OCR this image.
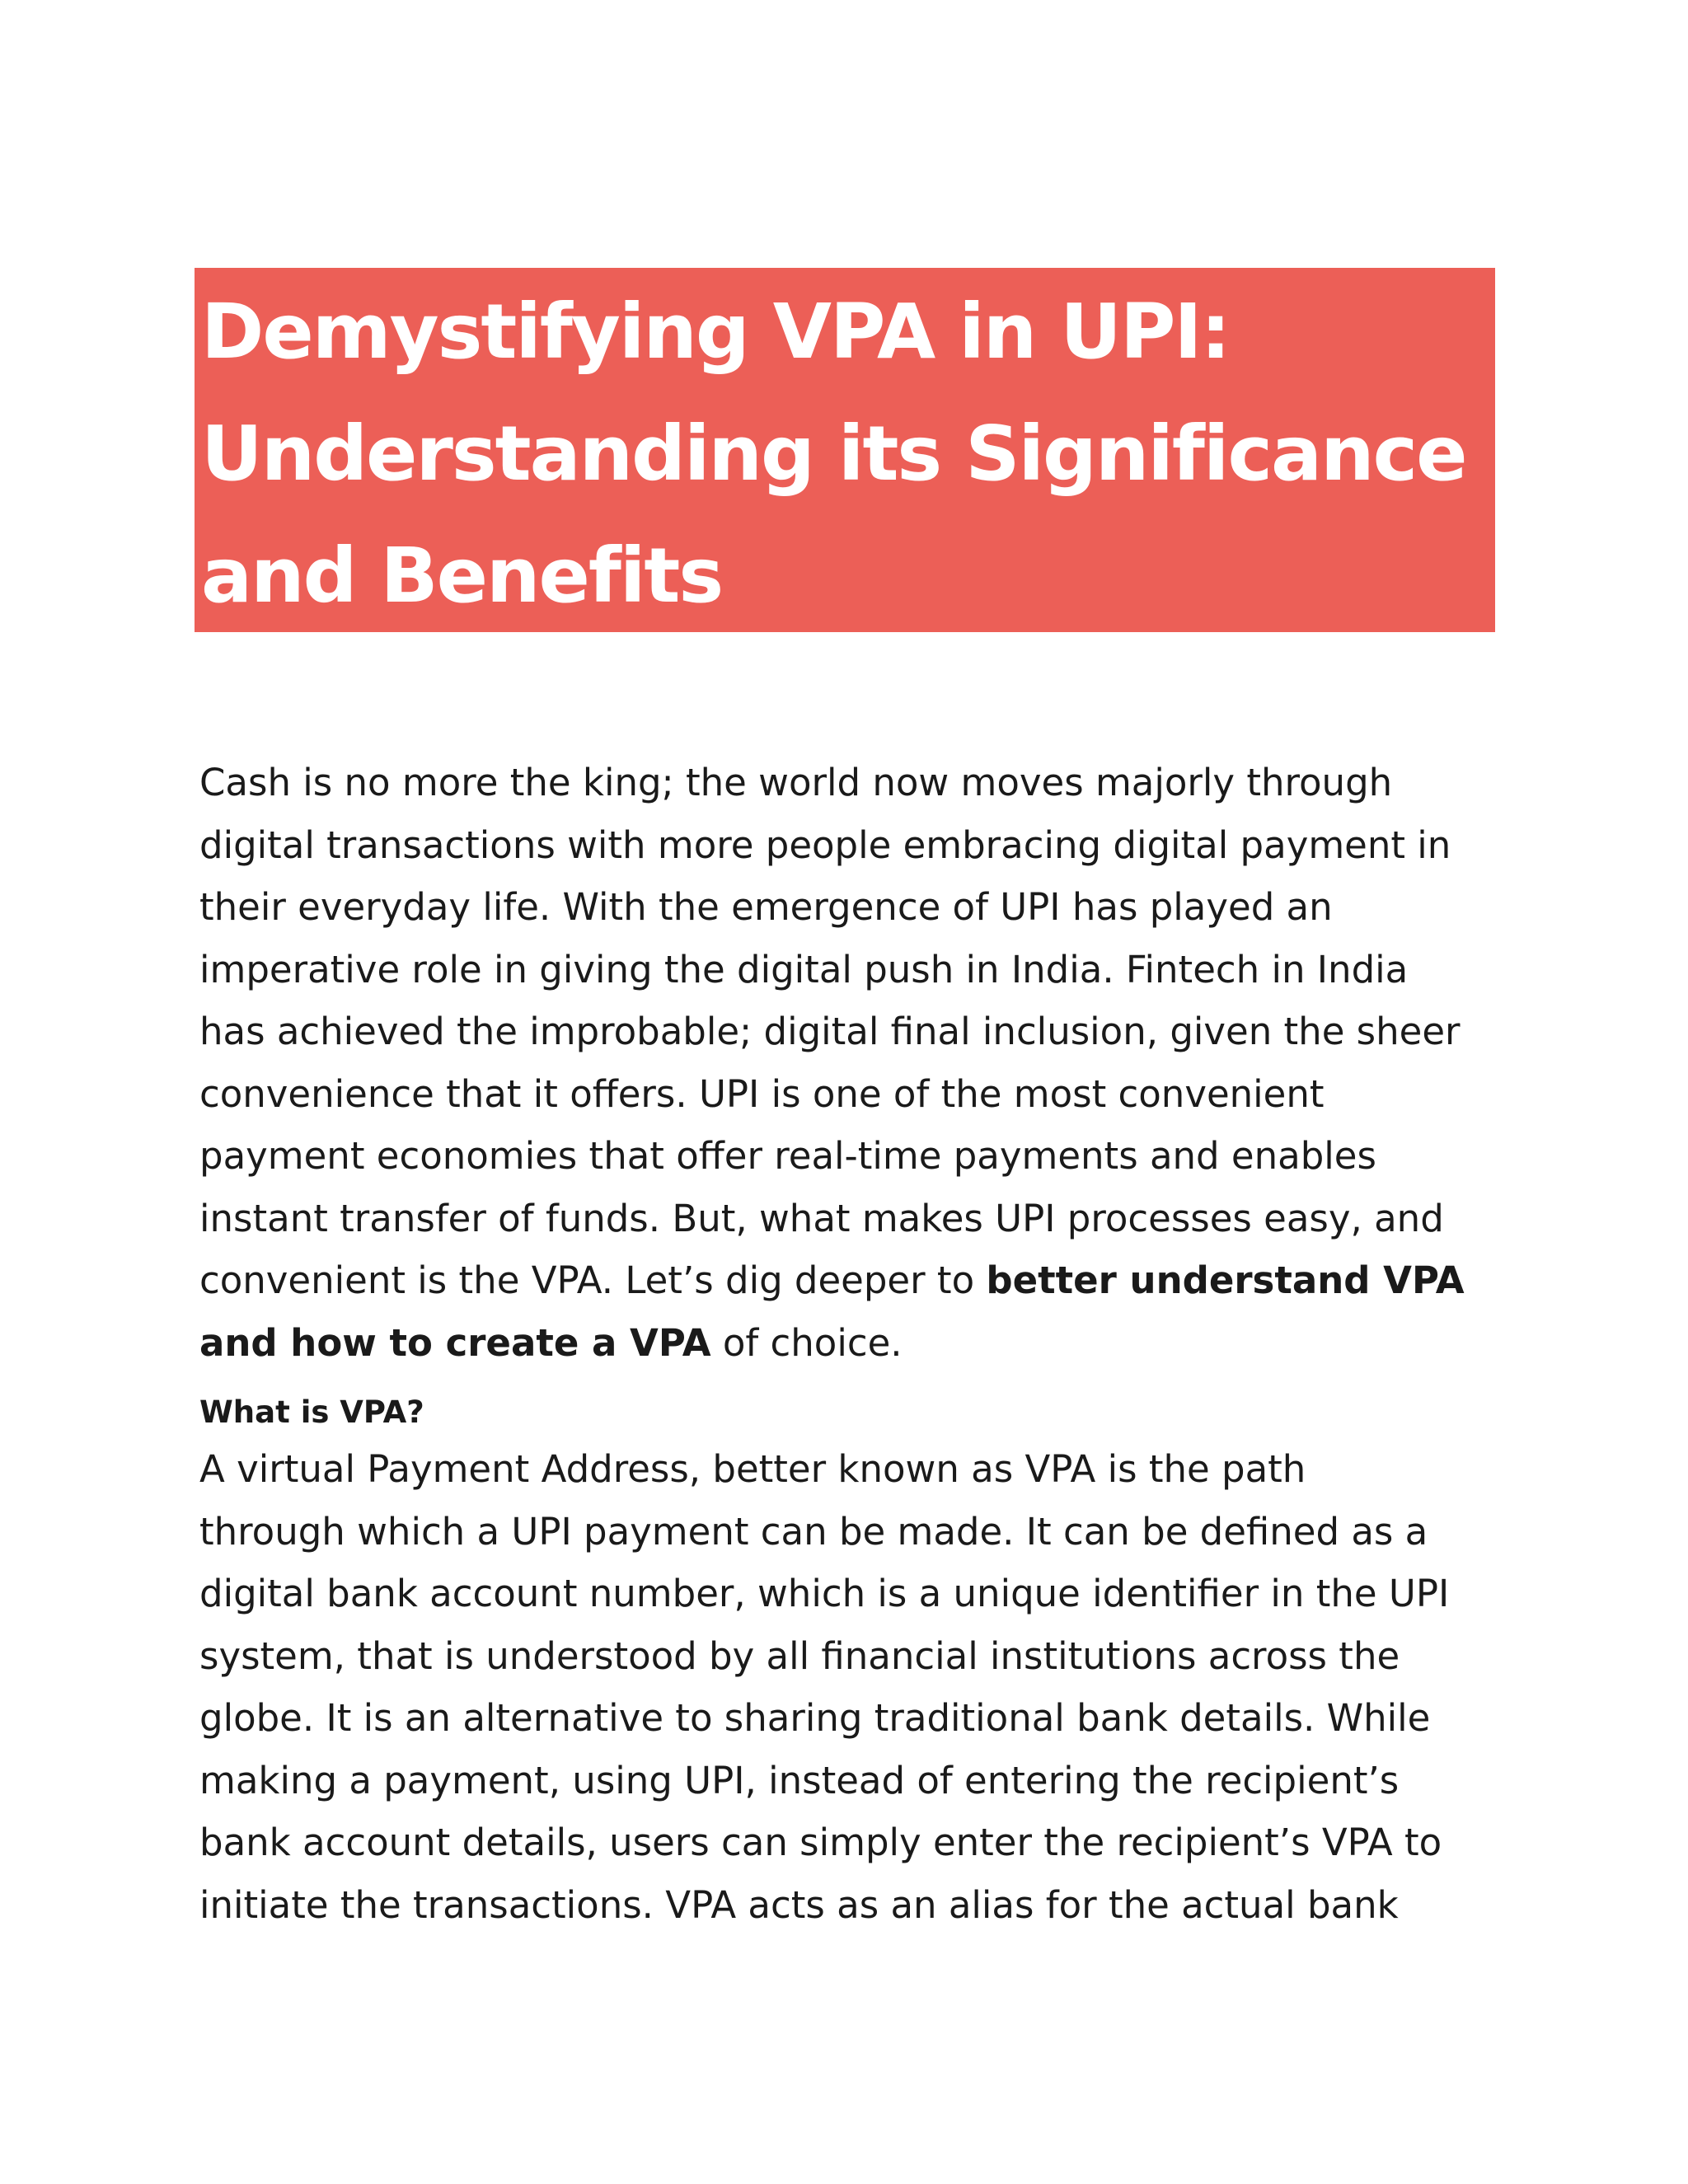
Demystifying VPA in UPI:
Understanding its Significance
and Benefits

Cash is no more the king; the world now moves majorly through
digital transactions with more people embracing digital payment in
their everyday life. With the emergence of UPI has played an
imperative role in giving the digital push in India. Fintech in India
has achieved the improbable; digital final inclusion, given the sheer
convenience that it offers. UPI is one of the most convenient
payment economies that offer real-time payments and enables
instant transfer of funds. But, what makes UPI processes easy, and
convenient is the VPA. Let’s dig deeper to better understand VPA
and how to create a VPA of choice.

What is VPA?

A virtual Payment Address, better known as VPA is the path
through which a UPI payment can be made. It can be defined as a
digital bank account number, which is a unique identifier in the UPI
system, that is understood by all financial institutions across the
globe. It is an alternative to sharing traditional bank details. While
making a payment, using UPI, instead of entering the recipient’s
bank account details, users can simply enter the recipient’s VPA to
initiate the transactions. VPA acts as an alias for the actual bank
